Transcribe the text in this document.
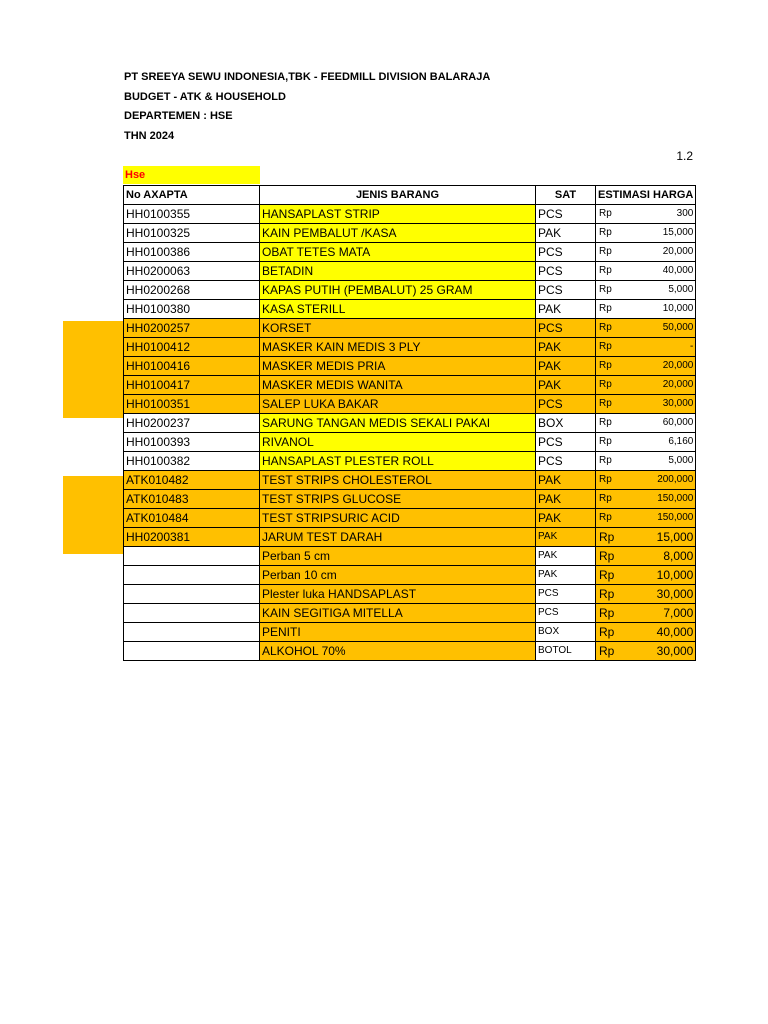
PT SREEYA SEWU INDONESIA,TBK - FEEDMILL DIVISION BALARAJA
BUDGET - ATK & HOUSEHOLD
DEPARTEMEN : HSE
THN 2024
1.2
Hse
No AXAPTA	JENIS BARANG	SAT	ESTIMASI HARGA
HH0100355	HANSAPLAST STRIP	PCS	Rp 300

HH0100325	KAIN PEMBALUT /KASA	PAK	Rp 15,000

HH0100386	OBAT TETES MATA	PCS	Rp 20,000

HH0200063	BETADIN	PCS	Rp 40,000

HH0200268	KAPAS PUTIH (PEMBALUT) 25 GRAM	PCS	Rp 5,000

HH0100380	KASA STERILL	PAK	Rp 10,000

HH0200257	KORSET	PCS	Rp 50,000

HH0100412	MASKER KAIN MEDIS 3 PLY	PAK	Rp -

HH0100416	MASKER MEDIS PRIA	PAK	Rp 20,000

HH0100417	MASKER MEDIS WANITA	PAK	Rp 20,000

HH0100351	SALEP LUKA BAKAR	PCS	Rp 30,000

HH0200237	SARUNG TANGAN MEDIS SEKALI PAKAI	BOX	Rp 60,000

HH0100393	RIVANOL	PCS	Rp 6,160

HH0100382	HANSAPLAST PLESTER ROLL	PCS	Rp 5,000

ATK010482	TEST STRIPS CHOLESTEROL	PAK	Rp 200,000

ATK010483	TEST STRIPS GLUCOSE	PAK	Rp 150,000

ATK010484	TEST STRIPSURIC ACID	PAK	Rp 150,000

HH0200381	JARUM TEST DARAH	PAK	Rp 15,000

	Perban 5 cm	PAK	Rp 8,000

	Perban 10 cm	PAK	Rp 10,000

	Plester luka HANDSAPLAST	PCS	Rp 30,000

	KAIN SEGITIGA MITELLA	PCS	Rp 7,000

	PENITI	BOX	Rp 40,000

	ALKOHOL 70%	BOTOL	Rp 30,000
